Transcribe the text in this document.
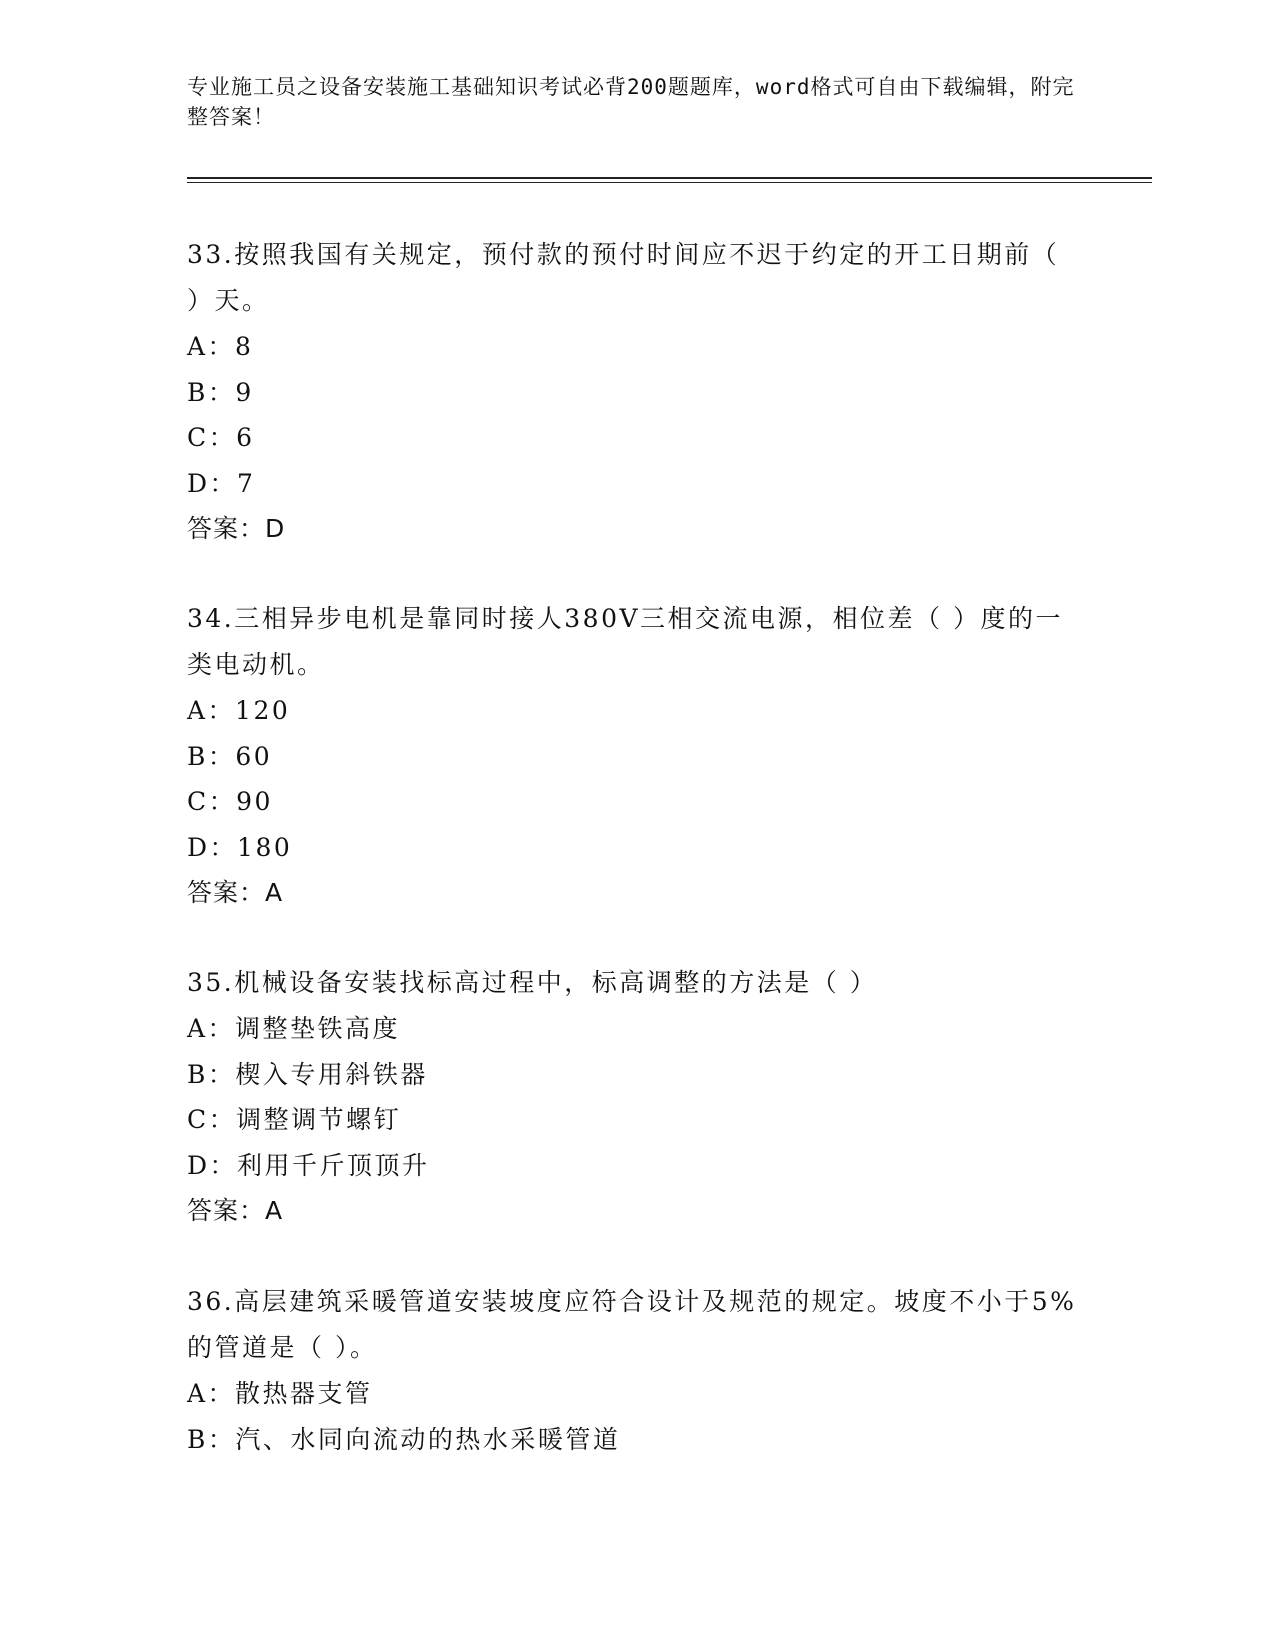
专业施工员之设备安装施工基础知识考试必背200题题库，word格式可自由下载编辑，附完整答案！
33.按照我国有关规定，预付款的预付时间应不迟于约定的开工日期前（ ）天。
A：8
B：9
C：6
D：7
答案：D
34.三相异步电机是靠同时接人380V三相交流电源，相位差（ ）度的一类电动机。
A：120
B：60
C：90
D：180
答案：A
35.机械设备安装找标高过程中，标高调整的方法是（ ）
A：调整垫铁高度
B：楔入专用斜铁器
C：调整调节螺钉
D：利用千斤顶顶升
答案：A
36.高层建筑采暖管道安装坡度应符合设计及规范的规定。坡度不小于5%的管道是（ ）。
A：散热器支管
B：汽、水同向流动的热水采暖管道
